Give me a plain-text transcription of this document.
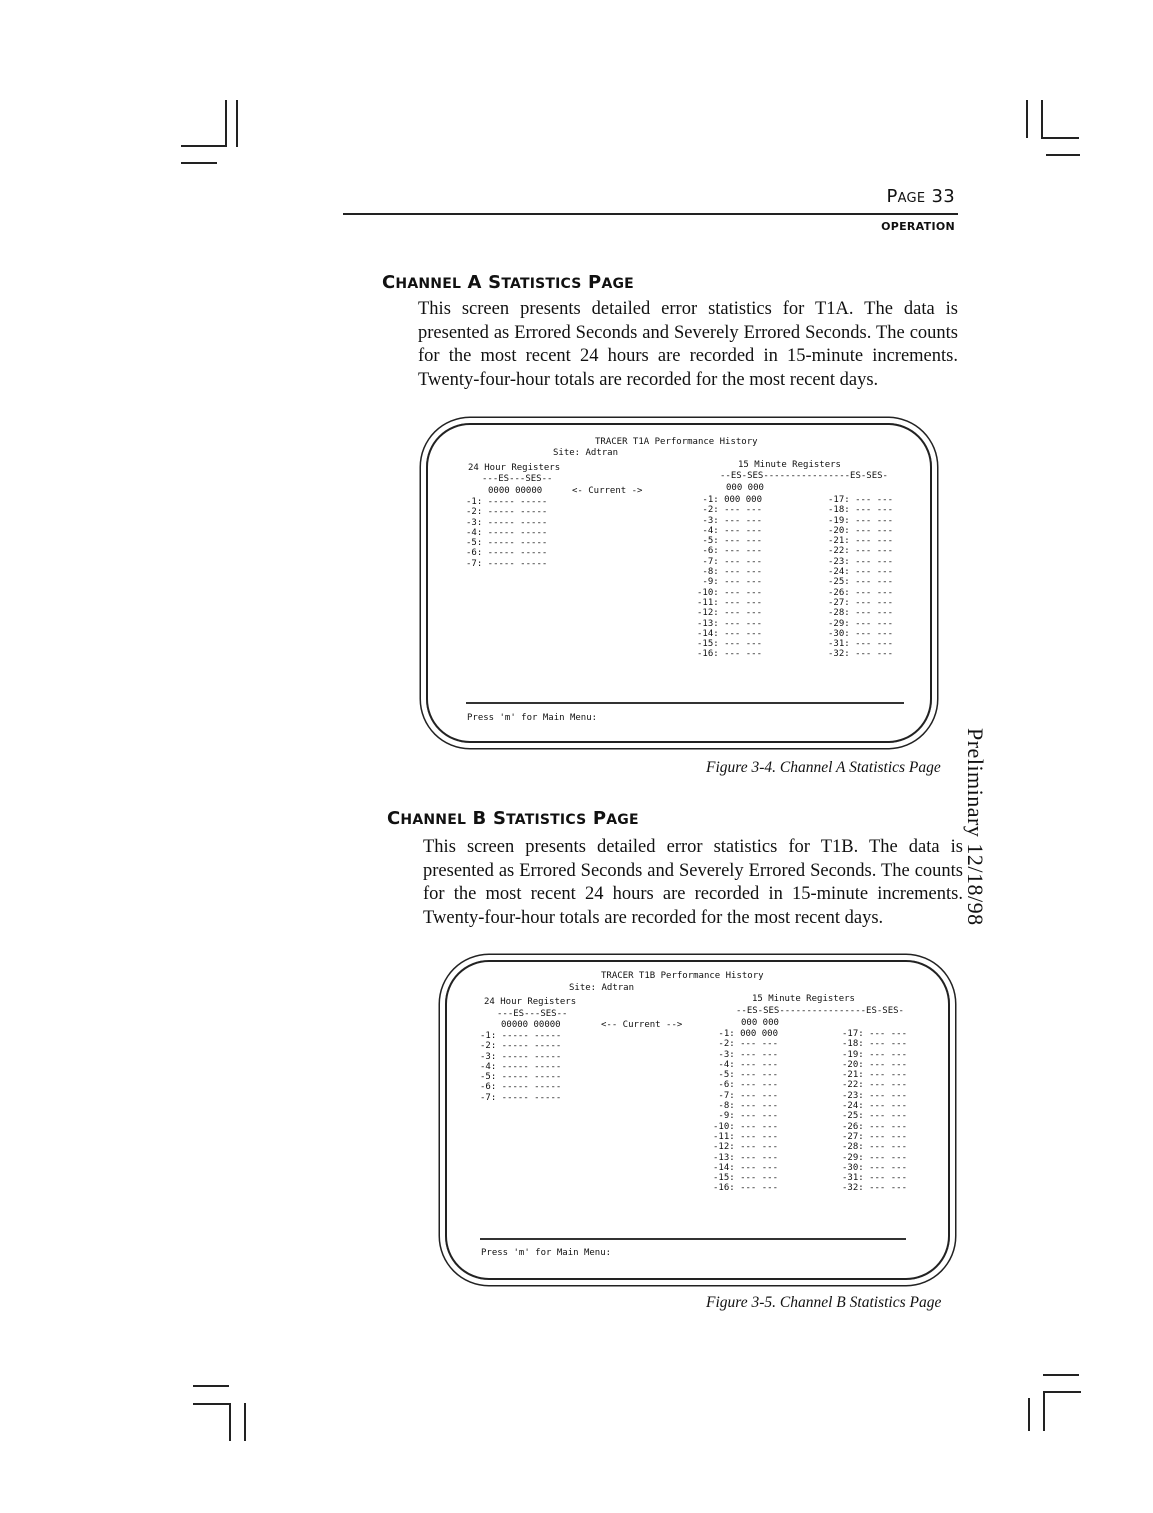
PAGE 33
OPERATION
Preliminary 12/18/98
CHANNEL A STATISTICS PAGE

This screen presents detailed error statistics for T1A. The data is presented as Errored Seconds and Severely Errored Seconds. The counts for the most recent 24 hours are recorded in 15-minute increments. Twenty-four-hour totals are recorded for the most recent days.

TRACER T1A Performance History
Site: Adtran
24 Hour Registers
---ES---SES--
0000 00000	<- Current ->
15 Minute Registers
--ES-SES----------------ES-SES-
000 000
-1: ----- -----
-2: ----- -----
-3: ----- -----
-4: ----- -----
-5: ----- -----
-6: ----- -----
-7: ----- -----
-1: 000 000
-2: --- ---
-3: --- ---
-4: --- ---
-5: --- ---
-6: --- ---
-7: --- ---
-8: --- ---
-9: --- ---
-10: --- ---
-11: --- ---
-12: --- ---
-13: --- ---
-14: --- ---
-15: --- ---
-16: --- ---
-17: --- ---
-18: --- ---
-19: --- ---
-20: --- ---
-21: --- ---
-22: --- ---
-23: --- ---
-24: --- ---
-25: --- ---
-26: --- ---
-27: --- ---
-28: --- ---
-29: --- ---
-30: --- ---
-31: --- ---
-32: --- ---
Press 'm' for Main Menu:
Figure 3-4. Channel A Statistics Page
CHANNEL B STATISTICS PAGE

This screen presents detailed error statistics for T1B. The data is presented as Errored Seconds and Severely Errored Seconds. The counts for the most recent 24 hours are recorded in 15-minute increments. Twenty-four-hour totals are recorded for the most recent days.

TRACER T1B Performance History
Site: Adtran
24 Hour Registers
---ES---SES--
00000 00000	<-- Current -->
15 Minute Registers
--ES-SES----------------ES-SES-
000 000
-1: ----- -----
-2: ----- -----
-3: ----- -----
-4: ----- -----
-5: ----- -----
-6: ----- -----
-7: ----- -----
-1: 000 000
-2: --- ---
-3: --- ---
-4: --- ---
-5: --- ---
-6: --- ---
-7: --- ---
-8: --- ---
-9: --- ---
-10: --- ---
-11: --- ---
-12: --- ---
-13: --- ---
-14: --- ---
-15: --- ---
-16: --- ---
-17: --- ---
-18: --- ---
-19: --- ---
-20: --- ---
-21: --- ---
-22: --- ---
-23: --- ---
-24: --- ---
-25: --- ---
-26: --- ---
-27: --- ---
-28: --- ---
-29: --- ---
-30: --- ---
-31: --- ---
-32: --- ---
Press 'm' for Main Menu:
Figure 3-5. Channel B Statistics Page
